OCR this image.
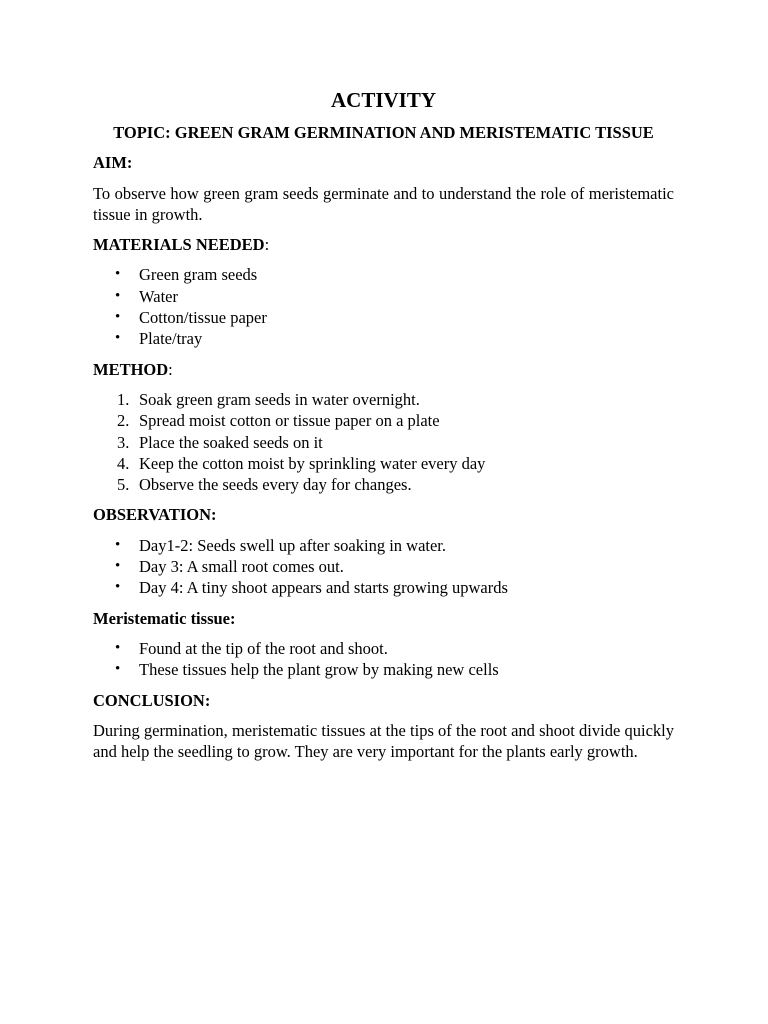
ACTIVITY
TOPIC: GREEN GRAM GERMINATION AND MERISTEMATIC TISSUE
AIM:
To observe how green gram seeds germinate and to understand the role of meristematic tissue in growth.
MATERIALS NEEDED:
• Green gram seeds
• Water
• Cotton/tissue paper
• Plate/tray
METHOD:
1. Soak green gram seeds in water overnight.
2. Spread moist cotton or tissue paper on a plate
3. Place the soaked seeds on it
4. Keep the cotton moist by sprinkling water every day
5. Observe the seeds every day for changes.
OBSERVATION:
• Day1-2: Seeds swell up after soaking in water.
• Day 3: A small root comes out.
• Day 4: A tiny shoot appears and starts growing upwards
Meristematic tissue:
• Found at the tip of the root and shoot.
• These tissues help the plant grow by making new cells
CONCLUSION:
During germination, meristematic tissues at the tips of the root and shoot divide quickly and help the seedling to grow. They are very important for the plants early growth.
